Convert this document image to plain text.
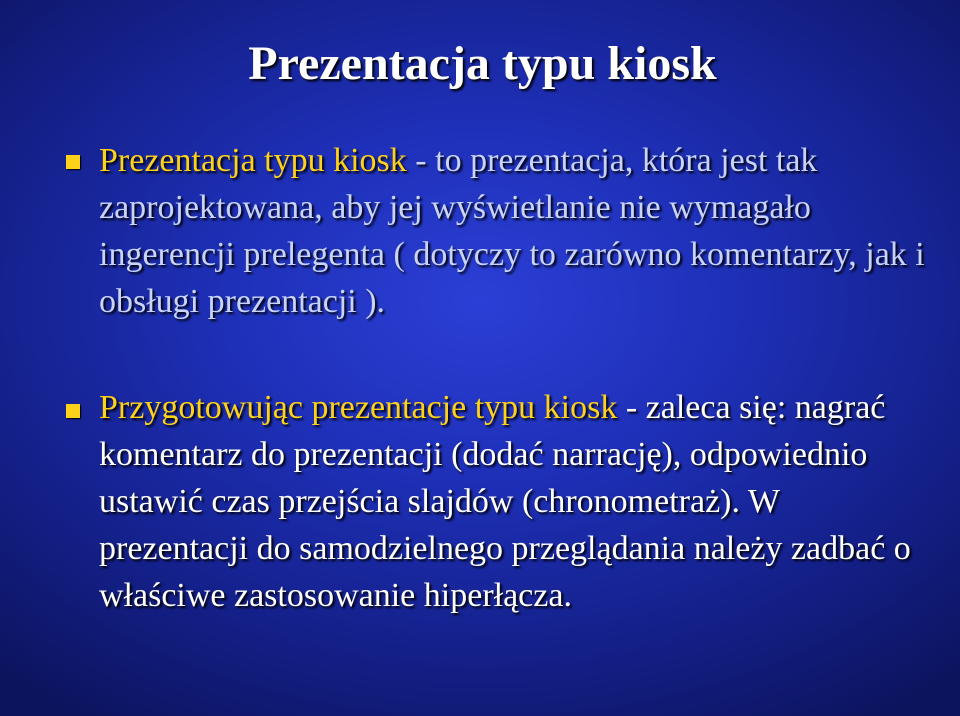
Prezentacja typu kiosk
Prezentacja typu kiosk - to prezentacja, która jest tak zaprojektowana, aby jej wyświetlanie nie wymagało ingerencji prelegenta ( dotyczy to zarówno komentarzy, jak i obsługi prezentacji ).
Przygotowując prezentacje typu kiosk - zaleca się: nagrać komentarz do prezentacji (dodać narrację), odpowiednio ustawić czas przejścia slajdów (chronometraż). W prezentacji do samodzielnego przeglądania należy zadbać o właściwe zastosowanie hiperłącza.
